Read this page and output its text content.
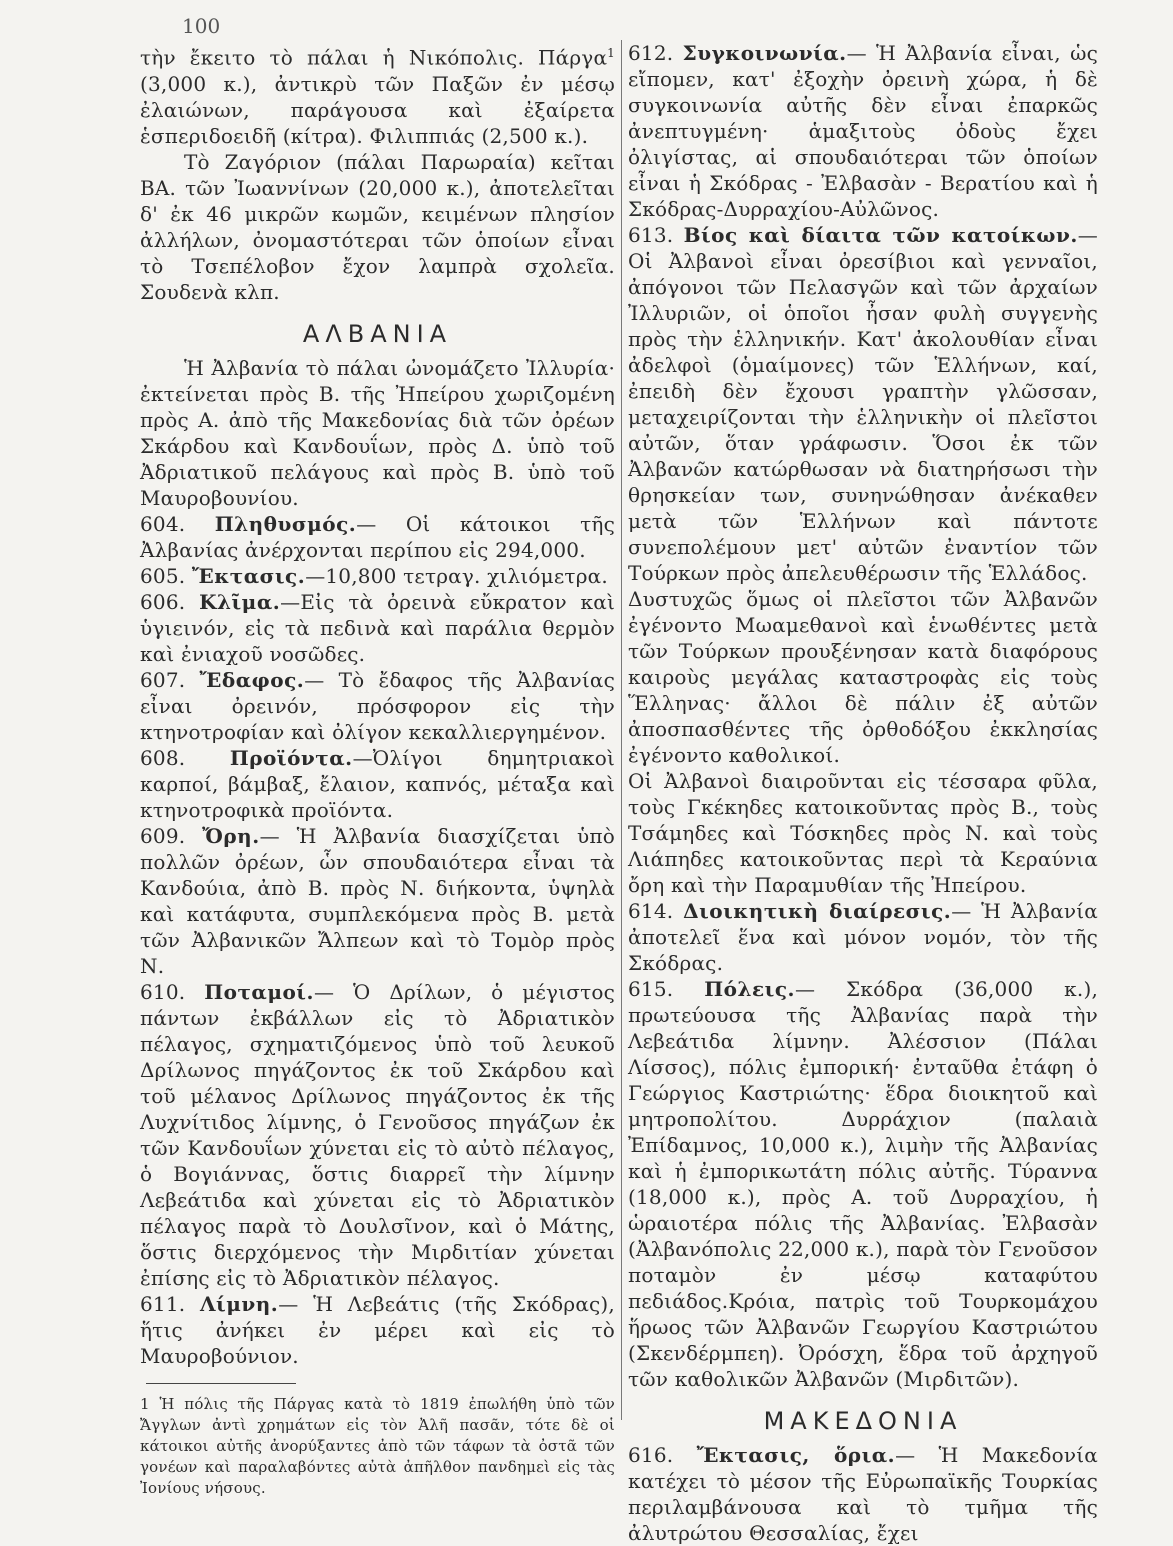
100

τὴν ἔκειτο τὸ πάλαι ἡ Νικόπολις. Πάργα$^1$ (3,000 κ.), ἀντικρὺ τῶν Παξῶν ἐν μέσῳ ἐλαιώνων, παράγουσα καὶ ἐξαίρετα ἑσπεριδοειδῆ (κίτρα). Φιλιππιάς (2,500 κ.).

Τὸ Ζαγόριον (πάλαι Παρωραία) κεῖται ΒΑ. τῶν Ἰωαννίνων (20,000 κ.), ἀποτελεῖται δ' ἐκ 46 μικρῶν κωμῶν, κειμένων πλησίον ἀλλήλων, ὀνομαστότεραι τῶν ὁποίων εἶναι τὸ Τσεπέλοβον ἔχον λαμπρὰ σχολεῖα. Σουδενὰ κλπ.

ΑΛΒΑΝΙΑ

Ἡ Ἀλβανία τὸ πάλαι ὠνομάζετο Ἰλλυρία· ἐκτείνεται πρὸς Β. τῆς Ἠπείρου χωριζομένη πρὸς Α. ἀπὸ τῆς Μακεδονίας διὰ τῶν ὀρέων Σκάρδου καὶ Κανδουΐων, πρὸς Δ. ὑπὸ τοῦ Ἀδριατικοῦ πελάγους καὶ πρὸς Β. ὑπὸ τοῦ Μαυροβουνίου.

604. Πληθυσμός.— Οἱ κάτοικοι τῆς Ἀλβανίας ἀνέρχονται περίπου εἰς 294,000.

605. Ἔκτασις.—10,800 τετραγ. χιλιόμετρα.

606. Κλῖμα.—Εἰς τὰ ὀρεινὰ εὔκρατον καὶ ὑγιεινόν, εἰς τὰ πεδινὰ καὶ παράλια θερμὸν καὶ ἐνιαχοῦ νοσῶδες.

607. Ἔδαφος.— Τὸ ἔδαφος τῆς Ἀλβανίας εἶναι ὀρεινόν, πρόσφορον εἰς τὴν κτηνοτροφίαν καὶ ὀλίγον κεκαλλιεργημένον.

608. Προϊόντα.—Ὀλίγοι δημητριακοὶ καρποί, βάμβαξ, ἔλαιον, καπνός, μέταξα καὶ κτηνοτροφικὰ προϊόντα.

609. Ὄρη.— Ἡ Ἀλβανία διασχίζεται ὑπὸ πολλῶν ὀρέων, ὧν σπουδαιότερα εἶναι τὰ Κανδούια, ἀπὸ Β. πρὸς Ν. διήκοντα, ὑψηλὰ καὶ κατάφυτα, συμπλεκόμενα πρὸς Β. μετὰ τῶν Ἀλβανικῶν Ἄλπεων καὶ τὸ Τομὸρ πρὸς Ν.

610. Ποταμοί.— Ὁ Δρίλων, ὁ μέγιστος πάντων ἐκβάλλων εἰς τὸ Ἀδριατικὸν πέλαγος, σχηματιζόμενος ὑπὸ τοῦ λευκοῦ Δρίλωνος πηγάζοντος ἐκ τοῦ Σκάρδου καὶ τοῦ μέλανος Δρίλωνος πηγάζοντος ἐκ τῆς Λυχνίτιδος λίμνης, ὁ Γενοῦσος πηγάζων ἐκ τῶν Κανδουΐων χύνεται εἰς τὸ αὐτὸ πέλαγος, ὁ Βογιάννας, ὅστις διαρρεῖ τὴν λίμνην Λεβεάτιδα καὶ χύνεται εἰς τὸ Ἀδριατικὸν πέλαγος παρὰ τὸ Δουλσῖνον, καὶ ὁ Μάτης, ὅστις διερχόμενος τὴν Μιρδιτίαν χύνεται ἐπίσης εἰς τὸ Ἀδριατικὸν πέλαγος.

611. Λίμνη.— Ἡ Λεβεάτις (τῆς Σκόδρας), ἥτις ἀνήκει ἐν μέρει καὶ εἰς τὸ Μαυροβούνιον.

1 Ἡ πόλις τῆς Πάργας κατὰ τὸ 1819 ἐπωλήθη ὑπὸ τῶν Ἄγγλων ἀντὶ χρημάτων εἰς τὸν Ἀλῆ πασᾶν, τότε δὲ οἱ κάτοικοι αὐτῆς ἀνορύξαντες ἀπὸ τῶν τάφων τὰ ὀστᾶ τῶν γονέων καὶ παραλαβόντες αὐτὰ ἀπῆλθον πανδημεὶ εἰς τὰς Ἰονίους νήσους.

612. Συγκοινωνία.— Ἡ Ἀλβανία εἶναι, ὡς εἴπομεν, κατ' ἐξοχὴν ὀρεινὴ χώρα, ἡ δὲ συγκοινωνία αὐτῆς δὲν εἶναι ἐπαρκῶς ἀνεπτυγμένη· ἁμαξιτοὺς ὁδοὺς ἔχει ὀλιγίστας, αἱ σπουδαιότεραι τῶν ὁποίων εἶναι ἡ Σκόδρας - Ἐλβασὰν - Βερατίου καὶ ἡ Σκόδρας-Δυρραχίου-Αὐλῶνος.

613. Βίος καὶ δίαιτα τῶν κατοίκων.— Οἱ Ἀλβανοὶ εἶναι ὀρεσίβιοι καὶ γενναῖοι, ἀπόγονοι τῶν Πελασγῶν καὶ τῶν ἀρχαίων Ἰλλυριῶν, οἱ ὁποῖοι ἦσαν φυλὴ συγγενὴς πρὸς τὴν ἑλληνικήν. Κατ' ἀκολουθίαν εἶναι ἀδελφοὶ (ὁμαίμονες) τῶν Ἑλλήνων, καί, ἐπειδὴ δὲν ἔχουσι γραπτὴν γλῶσσαν, μεταχειρίζονται τὴν ἑλληνικὴν οἱ πλεῖστοι αὐτῶν, ὅταν γράφωσιν. Ὅσοι ἐκ τῶν Ἀλβανῶν κατώρθωσαν νὰ διατηρήσωσι τὴν θρησκείαν των, συνηνώθησαν ἀνέκαθεν μετὰ τῶν Ἑλλήνων καὶ πάντοτε συνεπολέμουν μετ' αὐτῶν ἐναντίον τῶν Τούρκων πρὸς ἀπελευθέρωσιν τῆς Ἑλλάδος.

Δυστυχῶς ὅμως οἱ πλεῖστοι τῶν Ἀλβανῶν ἐγένοντο Μωαμεθανοὶ καὶ ἑνωθέντες μετὰ τῶν Τούρκων προυξένησαν κατὰ διαφόρους καιροὺς μεγάλας καταστροφὰς εἰς τοὺς Ἕλληνας· ἄλλοι δὲ πάλιν ἐξ αὐτῶν ἀποσπασθέντες τῆς ὀρθοδόξου ἐκκλησίας ἐγένοντο καθολικοί.

Οἱ Ἀλβανοὶ διαιροῦνται εἰς τέσσαρα φῦλα, τοὺς Γκέκηδες κατοικοῦντας πρὸς Β., τοὺς Τσάμηδες καὶ Τόσκηδες πρὸς Ν. καὶ τοὺς Λιάπηδες κατοικοῦντας περὶ τὰ Κεραύνια ὄρη καὶ τὴν Παραμυθίαν τῆς Ἠπείρου.

614. Διοικητικὴ διαίρεσις.— Ἡ Ἀλβανία ἀποτελεῖ ἕνα καὶ μόνον νομόν, τὸν τῆς Σκόδρας.

615. Πόλεις.— Σκόδρα (36,000 κ.), πρωτεύουσα τῆς Ἀλβανίας παρὰ τὴν Λεβεάτιδα λίμνην. Ἀλέσσιον (Πάλαι Λίσσος), πόλις ἐμπορική· ἐνταῦθα ἐτάφη ὁ Γεώργιος Καστριώτης· ἕδρα διοικητοῦ καὶ μητροπολίτου. Δυρράχιον (παλαιὰ Ἐπίδαμνος, 10,000 κ.), λιμὴν τῆς Ἀλβανίας καὶ ἡ ἐμπορικωτάτη πόλις αὐτῆς. Τύραννα (18,000 κ.), πρὸς Α. τοῦ Δυρραχίου, ἡ ὡραιοτέρα πόλις τῆς Ἀλβανίας. Ἐλβασὰν (Ἀλβανόπολις 22,000 κ.), παρὰ τὸν Γενοῦσον ποταμὸν ἐν μέσῳ καταφύτου πεδιάδος.Κρόια, πατρὶς τοῦ Τουρκομάχου ἥρωος τῶν Ἀλβανῶν Γεωργίου Καστριώτου (Σκενδέρμπεη). Ὀρόσχη, ἕδρα τοῦ ἀρχηγοῦ τῶν καθολικῶν Ἀλβανῶν (Μιρδιτῶν).

ΜΑΚΕΔΟΝΙΑ

616. Ἔκτασις, ὅρια.— Ἡ Μακεδονία κατέχει τὸ μέσον τῆς Εὐρωπαϊκῆς Τουρκίας περιλαμβάνουσα καὶ τὸ τμῆμα τῆς ἀλυτρώτου Θεσσαλίας, ἔχει
